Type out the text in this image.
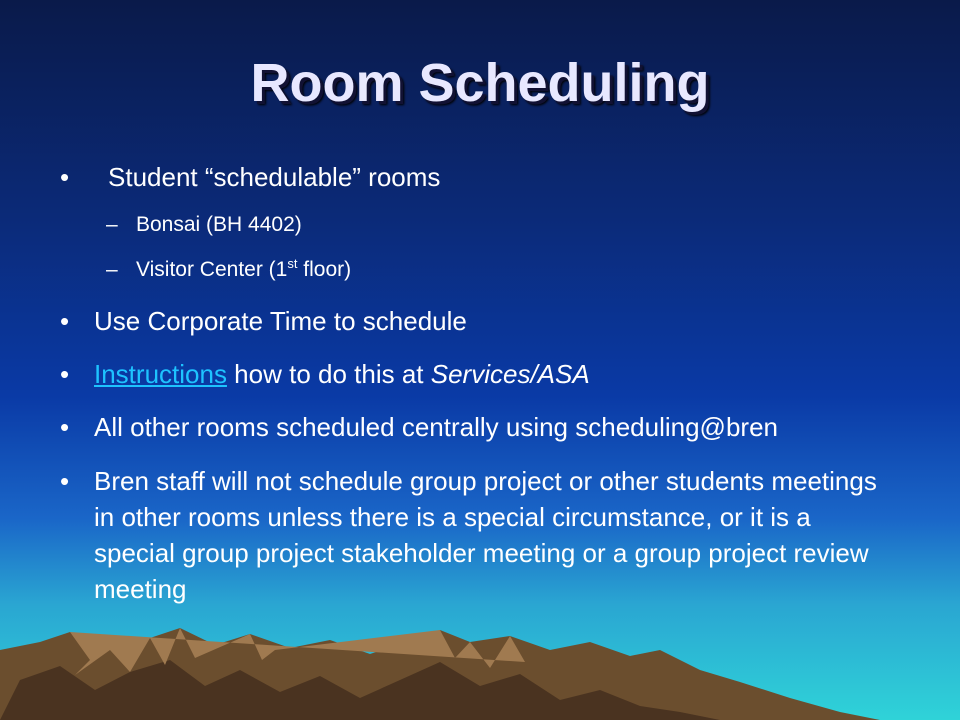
Room Scheduling
• Student “schedulable” rooms
– Bonsai (BH 4402)
– Visitor Center (1st floor)
• Use Corporate Time to schedule
• Instructions how to do this at Services/ASA
• All other rooms scheduled centrally using scheduling@bren
• Bren staff will not schedule group project or other students meetings in other rooms unless there is a special circumstance, or it is a special group project stakeholder meeting or a group project review meeting
